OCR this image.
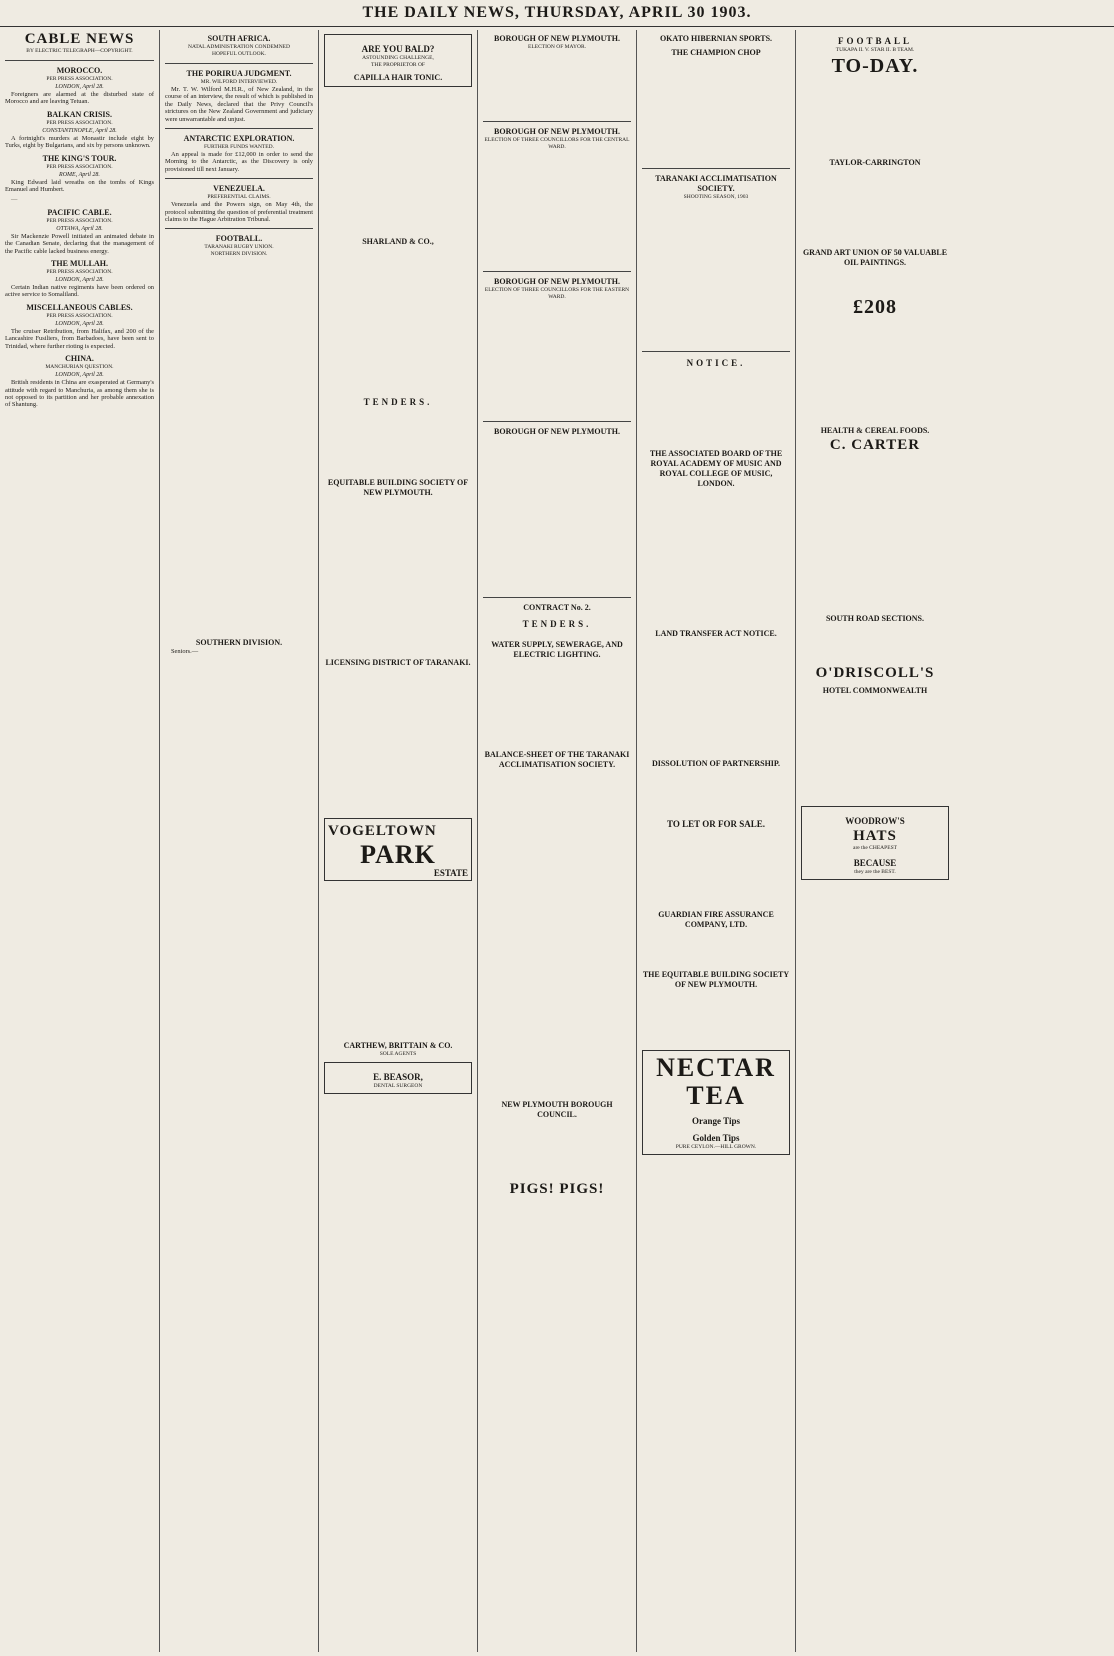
THE DAILY NEWS, THURSDAY, APRIL 30 1903.
CABLE NEWS
BY ELECTRIC TELEGRAPH—COPYRIGHT.
MOROCCO.
PER PRESS ASSOCIATION.
LONDON, April 28.

Foreigners are alarmed at the disturbed state of Morocco and are leaving Tetuan.

BALKAN CRISIS.
PER PRESS ASSOCIATION.
CONSTANTINOPLE, April 28.

A fortnight's murders at Monastir include eight by Turks, eight by Bulgarians, and six by persons unknown.

THE KING'S TOUR.
PER PRESS ASSOCIATION.
ROME, April 28.

King Edward laid wreaths on the tombs of Kings Emanuel and Humbert.

—

PACIFIC CABLE.
PER PRESS ASSOCIATION.
OTTAWA, April 28.

Sir Mackenzie Powell initiated an animated debate in the Canadian Senate, declaring that the management of the Pacific cable lacked business energy.

THE MULLAH.
PER PRESS ASSOCIATION.
LONDON, April 28.

Certain Indian native regiments have been ordered on active service to Somaliland.

MISCELLANEOUS CABLES.
PER PRESS ASSOCIATION.
LONDON, April 28.

The cruiser Retribution, from Halifax, and 200 of the Lancashire Fusiliers, from Barbadoes, have been sent to Trinidad, where further rioting is expected.

CHINA.
MANCHURIAN QUESTION.
LONDON, April 28.

British residents in China are exasperated at Germany's attitude with regard to Manchuria, as among them she is not opposed to its partition and her probable annexation of Shantung.

SOUTH AFRICA.
NATAL ADMINISTRATION CONDEMNED
HOPEFUL OUTLOOK.
THE PORIRUA JUDGMENT.
MR. WILFORD INTERVIEWED.

Mr. T. W. Wilford M.H.R., of New Zealand, in the course of an interview, the result of which is published in the Daily News, declared that the Privy Council's strictures on the New Zealand Government and judiciary were unwarrantable and unjust.

ANTARCTIC EXPLORATION.
FURTHER FUNDS WANTED.

An appeal is made for £12,000 in order to send the Morning to the Antarctic, as the Discovery is only provisioned till next January.

VENEZUELA.
PREFERENTIAL CLAIMS.

Venezuela and the Powers sign, on May 4th, the protocol submitting the question of preferential treatment claims to the Hague Arbitration Tribunal.

FOOTBALL.
TARANAKI RUGBY UNION.
NORTHERN DIVISION.
SOUTHERN DIVISION.

Seniors.—

ARE YOU BALD?
ASTOUNDING CHALLENGE,
THE PROPRIETOR OF
CAPILLA HAIR TONIC.
SHARLAND & CO.,
TENDERS.
EQUITABLE BUILDING SOCIETY OF NEW PLYMOUTH.
LICENSING DISTRICT OF TARANAKI.
VOGELTOWN
PARK
ESTATE
CARTHEW, BRITTAIN & CO.
SOLE AGENTS
E. BEASOR,
DENTAL SURGEON
BOROUGH OF NEW PLYMOUTH.
ELECTION OF MAYOR.
BOROUGH OF NEW PLYMOUTH.
ELECTION OF THREE COUNCILLORS FOR THE CENTRAL WARD.
BOROUGH OF NEW PLYMOUTH.
ELECTION OF THREE COUNCILLORS FOR THE EASTERN WARD.
BOROUGH OF NEW PLYMOUTH.
CONTRACT No. 2.
TENDERS.
WATER SUPPLY, SEWERAGE, AND ELECTRIC LIGHTING.
BALANCE-SHEET OF THE TARANAKI ACCLIMATISATION SOCIETY.
NEW PLYMOUTH BOROUGH COUNCIL.
PIGS! PIGS!
OKATO HIBERNIAN SPORTS.
THE CHAMPION CHOP
TARANAKI ACCLIMATISATION SOCIETY.
SHOOTING SEASON, 1903
NOTICE.
THE ASSOCIATED BOARD OF THE ROYAL ACADEMY OF MUSIC AND ROYAL COLLEGE OF MUSIC, LONDON.
LAND TRANSFER ACT NOTICE.
DISSOLUTION OF PARTNERSHIP.
TO LET OR FOR SALE.
GUARDIAN FIRE ASSURANCE COMPANY, LTD.
THE EQUITABLE BUILDING SOCIETY OF NEW PLYMOUTH.
NECTAR TEA
Orange Tips
Golden Tips
PURE CEYLON.—HILL GROWN.
FOOTBALL
TUKAPA II. V. STAR II. B TEAM.
TO-DAY.
TAYLOR-CARRINGTON
GRAND ART UNION OF 50 VALUABLE OIL PAINTINGS.
£208
HEALTH & CEREAL FOODS.
C. CARTER
SOUTH ROAD SECTIONS.
O'DRISCOLL'S
HOTEL COMMONWEALTH
WOODROW'S
HATS
are the CHEAPEST
BECAUSE
they are the BEST.
